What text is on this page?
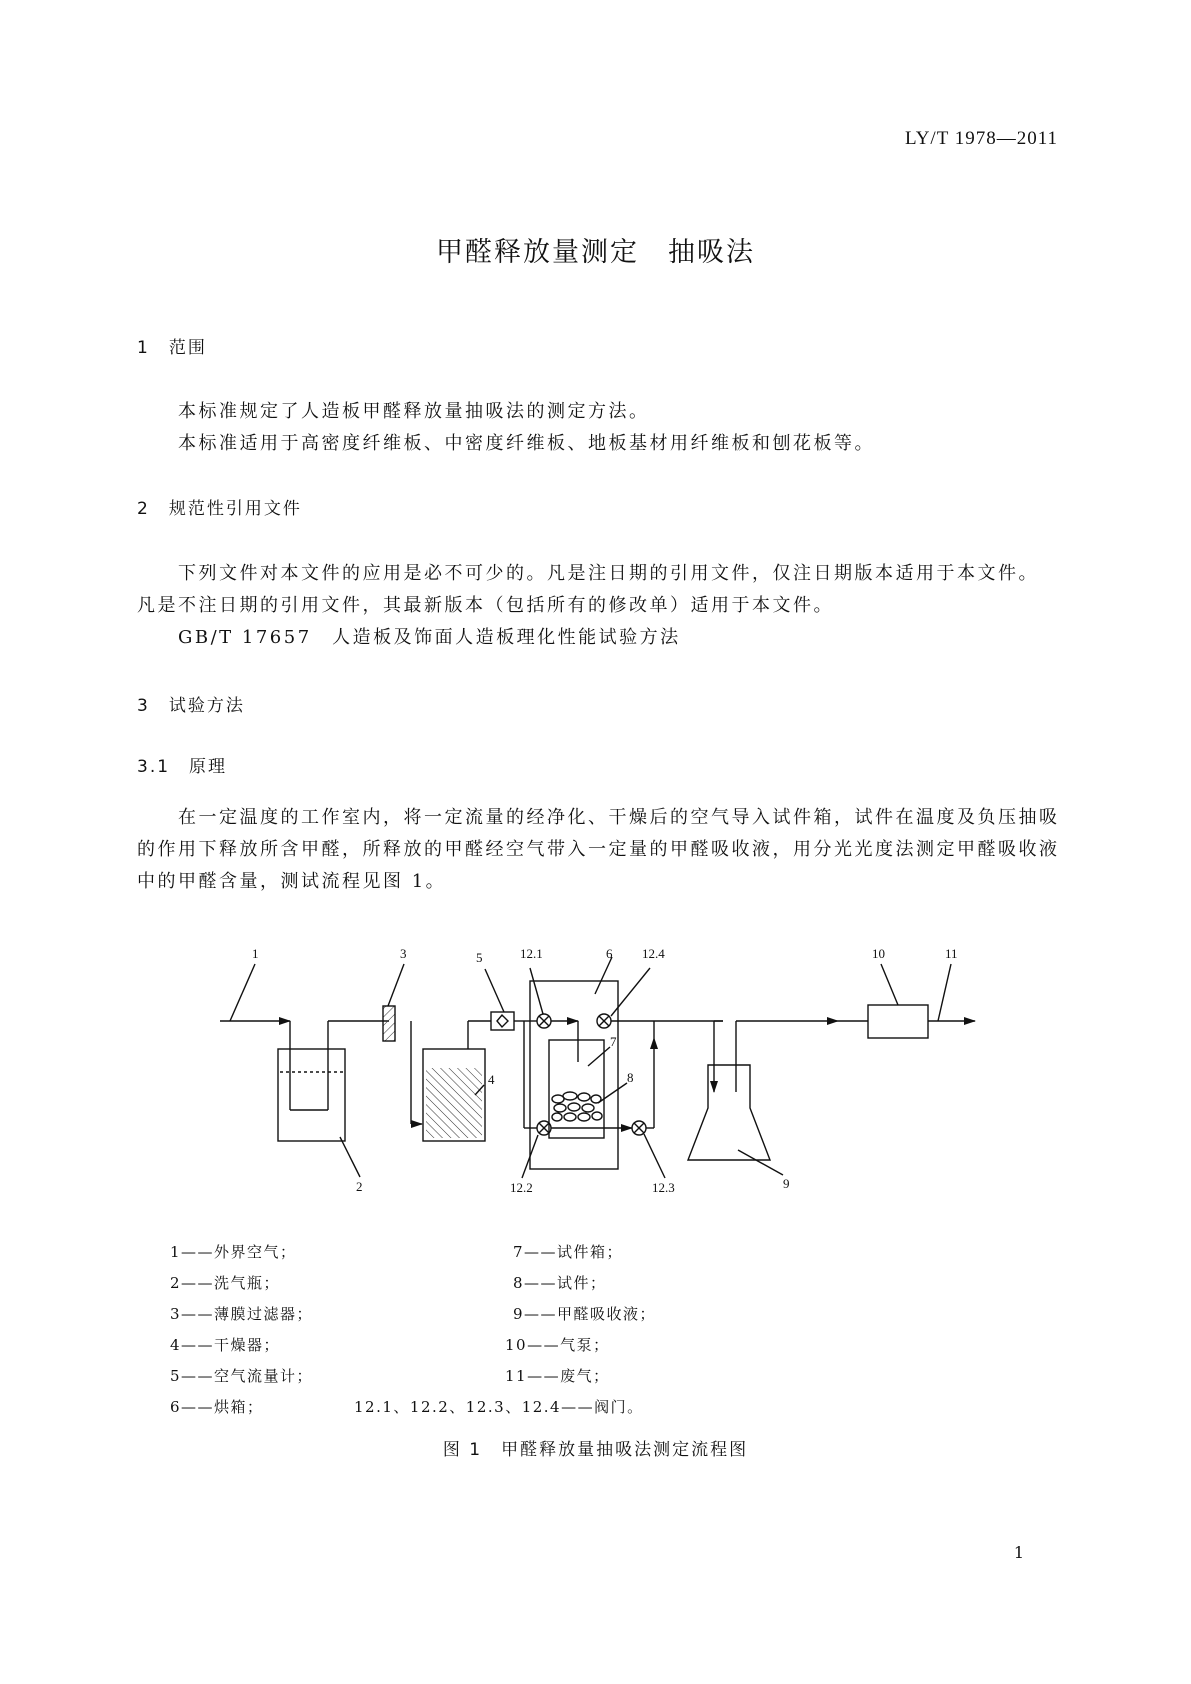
LY/T 1978—2011
甲醛释放量测定　抽吸法
1　范围
本标准规定了人造板甲醛释放量抽吸法的测定方法。
本标准适用于高密度纤维板、中密度纤维板、地板基材用纤维板和刨花板等。
2　规范性引用文件
下列文件对本文件的应用是必不可少的。凡是注日期的引用文件，仅注日期版本适用于本文件。
凡是不注日期的引用文件，其最新版本（包括所有的修改单）适用于本文件。
GB/T 17657　人造板及饰面人造板理化性能试验方法
3　试验方法
3.1　原理
在一定温度的工作室内，将一定流量的经净化、干燥后的空气导入试件箱，试件在温度及负压抽吸
的作用下释放所含甲醛，所释放的甲醛经空气带入一定量的甲醛吸收液，用分光光度法测定甲醛吸收液
中的甲醛含量，测试流程见图 1。
1	3	5	12.1	6 12.4
7
8
4
2	12.2	12.3	9
10	11
1——外界空气；
2——洗气瓶；
3——薄膜过滤器；
4——干燥器；
5——空气流量计；
6——烘箱；
7——试件箱；
8——试件；
9——甲醛吸收液；
10——气泵；
11——废气；
12.1、12.2、12.3、12.4——阀门。
图 1　甲醛释放量抽吸法测定流程图
1
